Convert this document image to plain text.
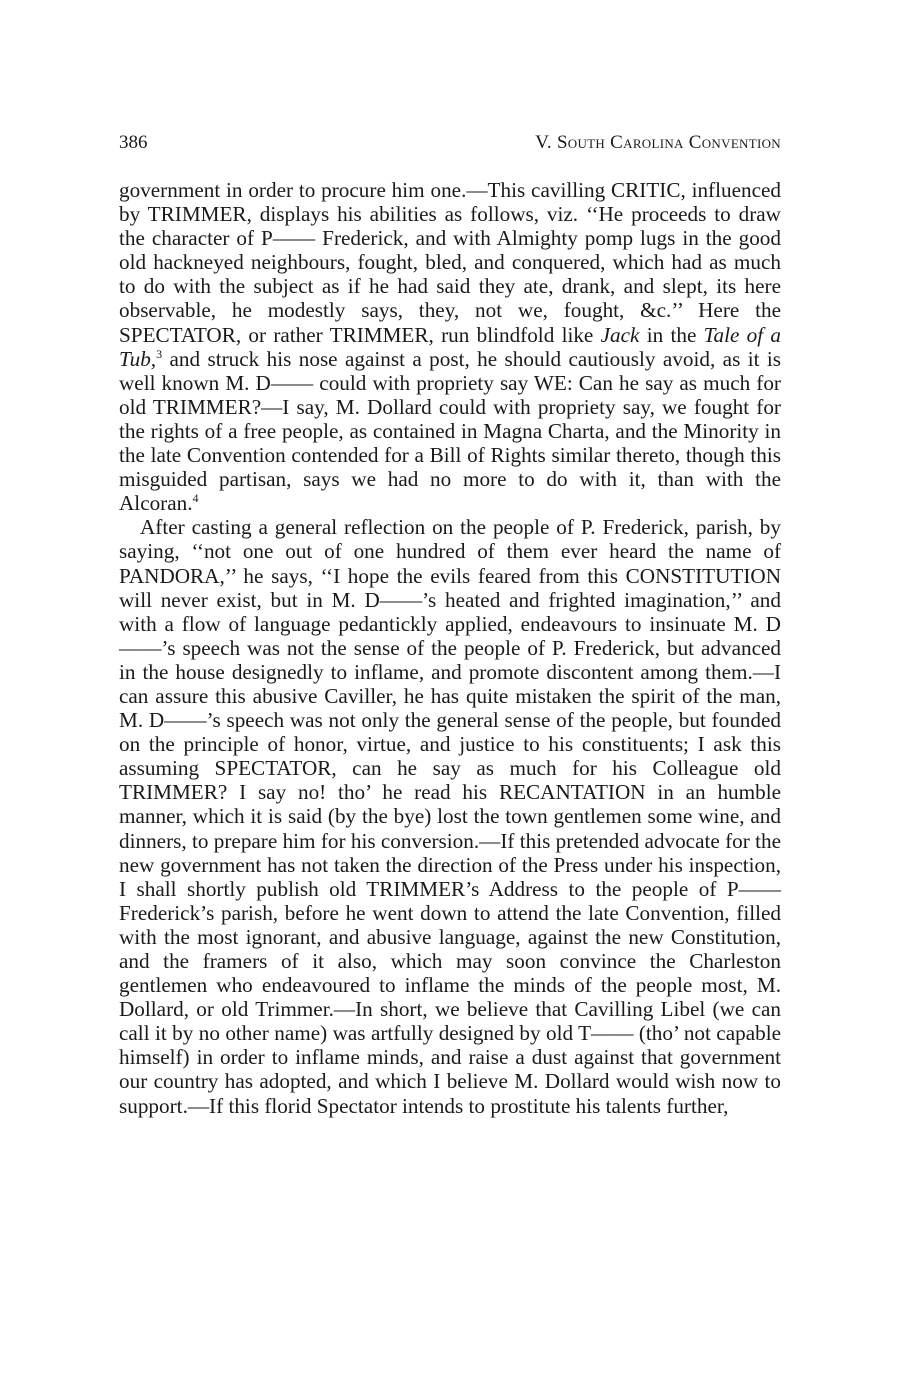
386	V. South Carolina Convention

government in order to procure him one.—This cavilling CRITIC, influenced by TRIMMER, displays his abilities as follows, viz. ‘‘He proceeds to draw the character of P—— Frederick, and with Almighty pomp lugs in the good old hackneyed neighbours, fought, bled, and conquered, which had as much to do with the subject as if he had said they ate, drank, and slept, its here observable, he modestly says, they, not we, fought, &c.’’ Here the SPECTATOR, or rather TRIMMER, run blindfold like Jack in the Tale of a Tub,$^3$ and struck his nose against a post, he should cautiously avoid, as it is well known M. D—— could with propriety say WE: Can he say as much for old TRIMMER?—I say, M. Dollard could with propriety say, we fought for the rights of a free people, as contained in Magna Charta, and the Minority in the late Convention contended for a Bill of Rights similar thereto, though this misguided partisan, says we had no more to do with it, than with the Alcoran.$^4$

After casting a general reflection on the people of P. Frederick, parish, by saying, ‘‘not one out of one hundred of them ever heard the name of PANDORA,’’ he says, ‘‘I hope the evils feared from this CONSTITUTION will never exist, but in M. D——’s heated and frighted imagination,’’ and with a flow of language pedantickly applied, endeavours to insinuate M. D——’s speech was not the sense of the people of P. Frederick, but advanced in the house designedly to inflame, and promote discontent among them.—I can assure this abusive Caviller, he has quite mistaken the spirit of the man, M. D——’s speech was not only the general sense of the people, but founded on the principle of honor, virtue, and justice to his constituents; I ask this assuming SPECTATOR, can he say as much for his Colleague old TRIMMER? I say no! tho’ he read his RECANTATION in an humble manner, which it is said (by the bye) lost the town gentlemen some wine, and dinners, to prepare him for his conversion.—If this pretended advocate for the new government has not taken the direction of the Press under his inspection, I shall shortly publish old TRIMMER’s Address to the people of P—— Frederick’s parish, before he went down to attend the late Convention, filled with the most ignorant, and abusive language, against the new Constitution, and the framers of it also, which may soon convince the Charleston gentlemen who endeavoured to inflame the minds of the people most, M. Dollard, or old Trimmer.—In short, we believe that Cavilling Libel (we can call it by no other name) was artfully designed by old T—— (tho’ not capable himself) in order to inflame minds, and raise a dust against that government our country has adopted, and which I believe M. Dollard would wish now to support.—If this florid Spectator intends to prostitute his talents further,
